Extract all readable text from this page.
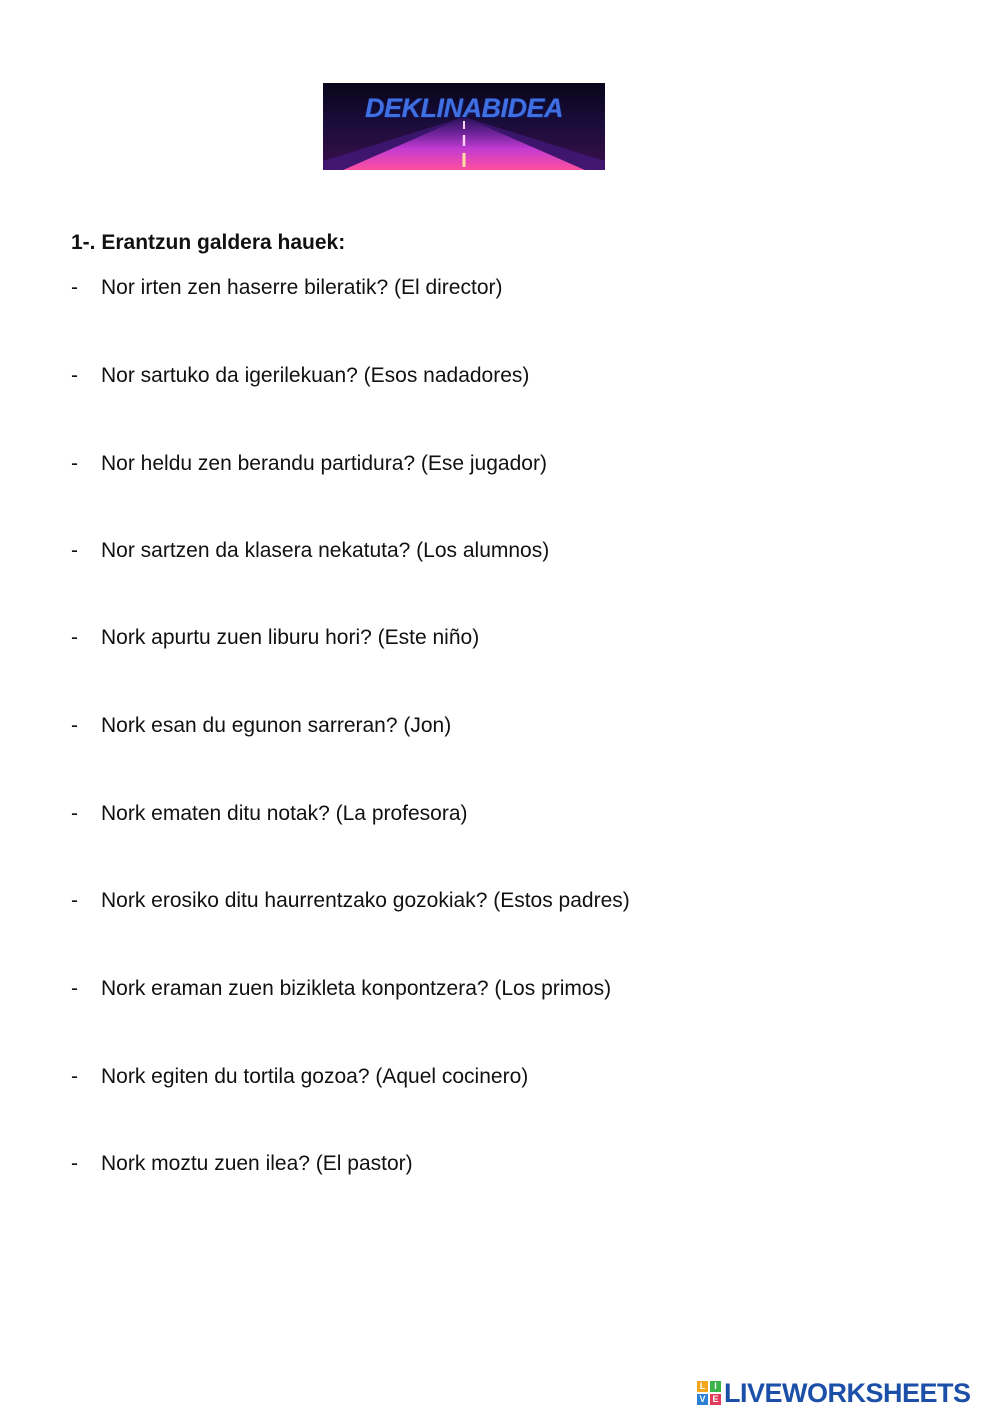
DEKLINABIDEA
1-. Erantzun galdera hauek:
- Nor irten zen haserre bileratik? (El director)
- Nor sartuko da igerilekuan? (Esos nadadores)
- Nor heldu zen berandu partidura? (Ese jugador)
- Nor sartzen da klasera nekatuta? (Los alumnos)
- Nork apurtu zuen liburu hori? (Este niño)
- Nork esan du egunon sarreran? (Jon)
- Nork ematen ditu notak? (La profesora)
- Nork erosiko ditu haurrentzako gozokiak? (Estos padres)
- Nork eraman zuen bizikleta konpontzera? (Los primos)
- Nork egiten du tortila gozoa? (Aquel cocinero)
- Nork moztu zuen ilea? (El pastor)
L I
V E LIVEWORKSHEETS
